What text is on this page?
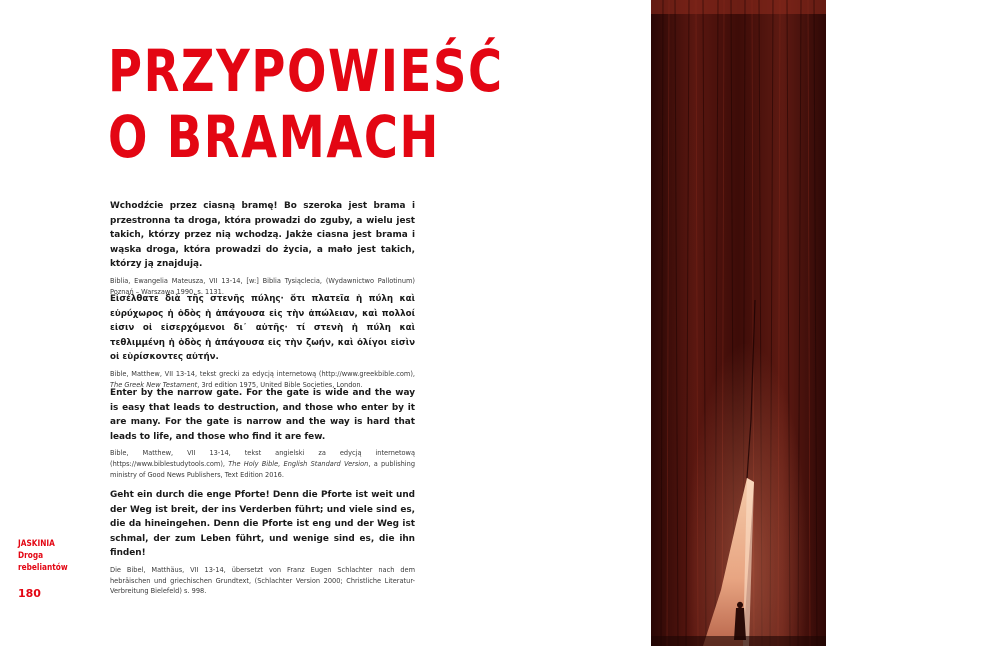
PRZYPOWIEŚĆ
O BRAMACH

Wchodźcie przez ciasną bramę! Bo szeroka jest brama i przestronna ta droga, która prowadzi do zguby, a wielu jest takich, którzy przez nią wchodzą. Jakże ciasna jest brama i wąska droga, która prowadzi do życia, a mało jest takich, którzy ją znajdują.

Biblia, Ewangelia Mateusza, VII 13-14, [w:] Biblia Tysiąclecia, (Wydawnictwo Pallotinum) Poznań – Warszawa 1990, s. 1131.

Εἰσέλθατε διὰ τῆς στενῆς πύλης· ὅτι πλατεῖα ἡ πύλη καὶ εὐρύχωρος ἡ ὁδὸς ἡ ἀπάγουσα εἰς τὴν ἀπώλειαν, καὶ πολλοί εἰσιν οἱ εἰσερχόμενοι δι᾽ αὐτῆς· τί στενὴ ἡ πύλη καὶ τεθλιμμένη ἡ ὁδὸς ἡ ἀπάγουσα εἰς τὴν ζωήν, καὶ ὀλίγοι εἰσὶν οἱ εὑρίσκοντες αὐτήν.

Bible, Matthew, VII 13-14, tekst grecki za edycją internetową (http://www.greekbible.com), The Greek New Testament, 3rd edition 1975, United Bible Societies, London.

Enter by the narrow gate. For the gate is wide and the way is easy that leads to destruction, and those who enter by it are many. For the gate is narrow and the way is hard that leads to life, and those who find it are few.

Bible, Matthew, VII 13-14, tekst angielski za edycją internetową (https://www.biblestudytools.com), The Holy Bible, English Standard Version, a publishing ministry of Good News Publishers, Text Edition 2016.

Geht ein durch die enge Pforte! Denn die Pforte ist weit und der Weg ist breit, der ins Verderben führt; und viele sind es, die da hineingehen. Denn die Pforte ist eng und der Weg ist schmal, der zum Leben führt, und wenige sind es, die ihn finden!

Die Bibel, Matthäus, VII 13-14, übersetzt von Franz Eugen Schlachter nach dem hebräischen und griechischen Grundtext, (Schlachter Version 2000; Christliche Literatur-Verbreitung Bielefeld) s. 998.

JASKINIA
Droga
rebeliantów
180
